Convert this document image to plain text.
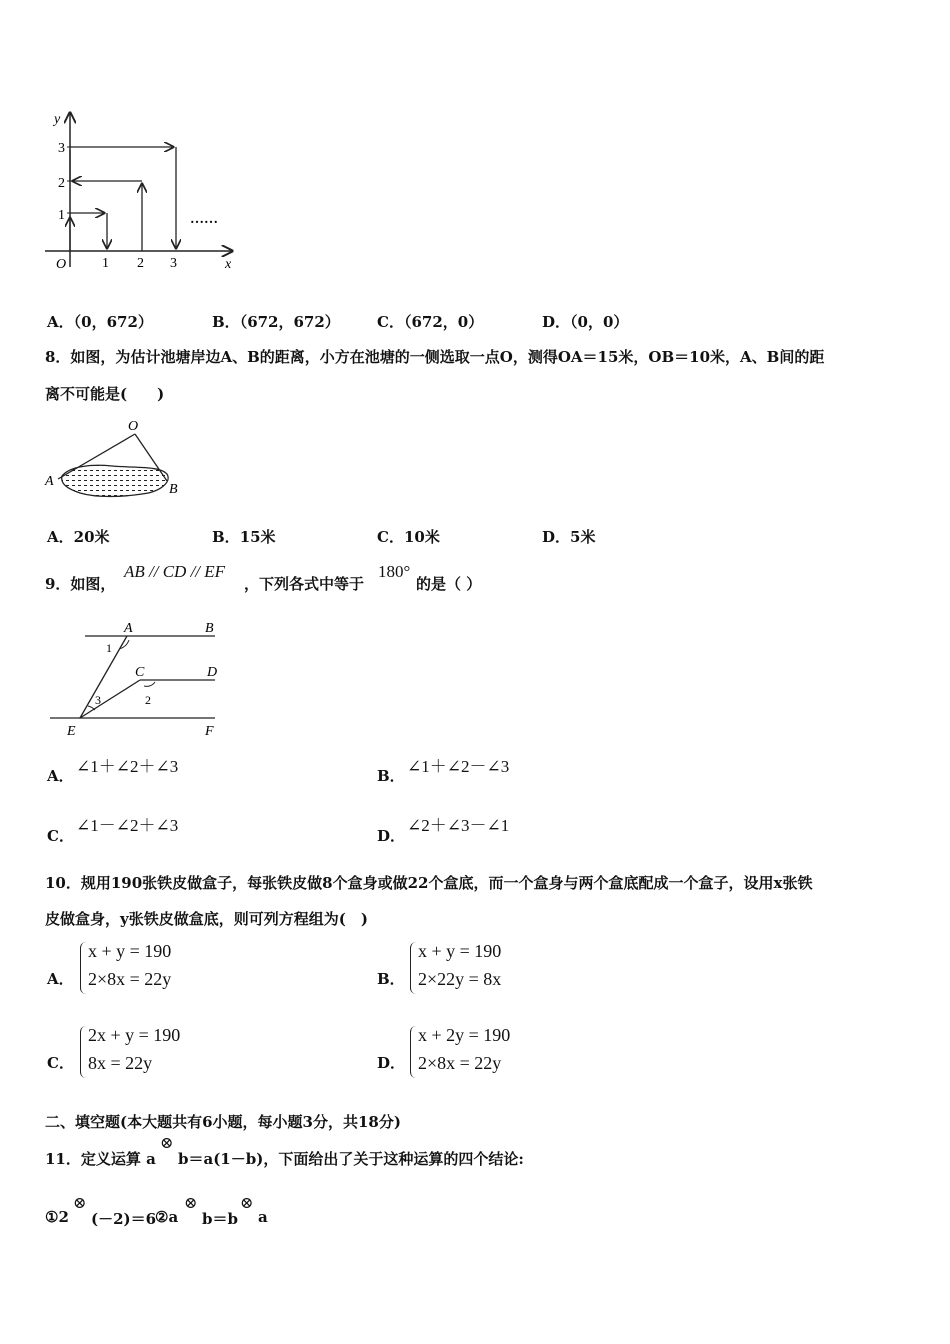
y
x
O
1
2
3
1 2 3
……
A．（0，672）	B．（672，672） C．（672，0）	D．（0，0）
8．如图，为估计池塘岸边A、B的距离，小方在池塘的一侧选取一点O，测得OA＝15米，OB＝10米，A、B间的距
离不可能是(　　)
O
A
B
A．20米	B．15米	C．10米	D．5米
9．如图，
AB // CD // EF
，下列各式中等于
180°
的是（ ）
A	B
C	D
E	F
1
2
3
A． ∠1＋∠2＋∠3	B． ∠1＋∠2－∠3
C．
∠1－∠2＋∠3
D．
∠2＋∠3－∠1
10．规用190张铁皮做盒子，每张铁皮做8个盒身或做22个盒底，而一个盒身与两个盒底配成一个盒子，设用x张铁
皮做盒身，y张铁皮做盒底，则可列方程组为(　)
A．
x + y = 190
2×8x = 22y	B．
x + y = 190
2×22y = 8x
C．
2x + y = 190
8x = 22y	D．
x + 2y = 190
2×8x = 22y
二、填空题(本大题共有6小题，每小题3分，共18分)
11．定义运算 a
⊗
b＝a(1－b)，下面给出了关于这种运算的四个结论:
①2
⊗
(－2)＝6
②a
⊗
b＝b
⊗
a
